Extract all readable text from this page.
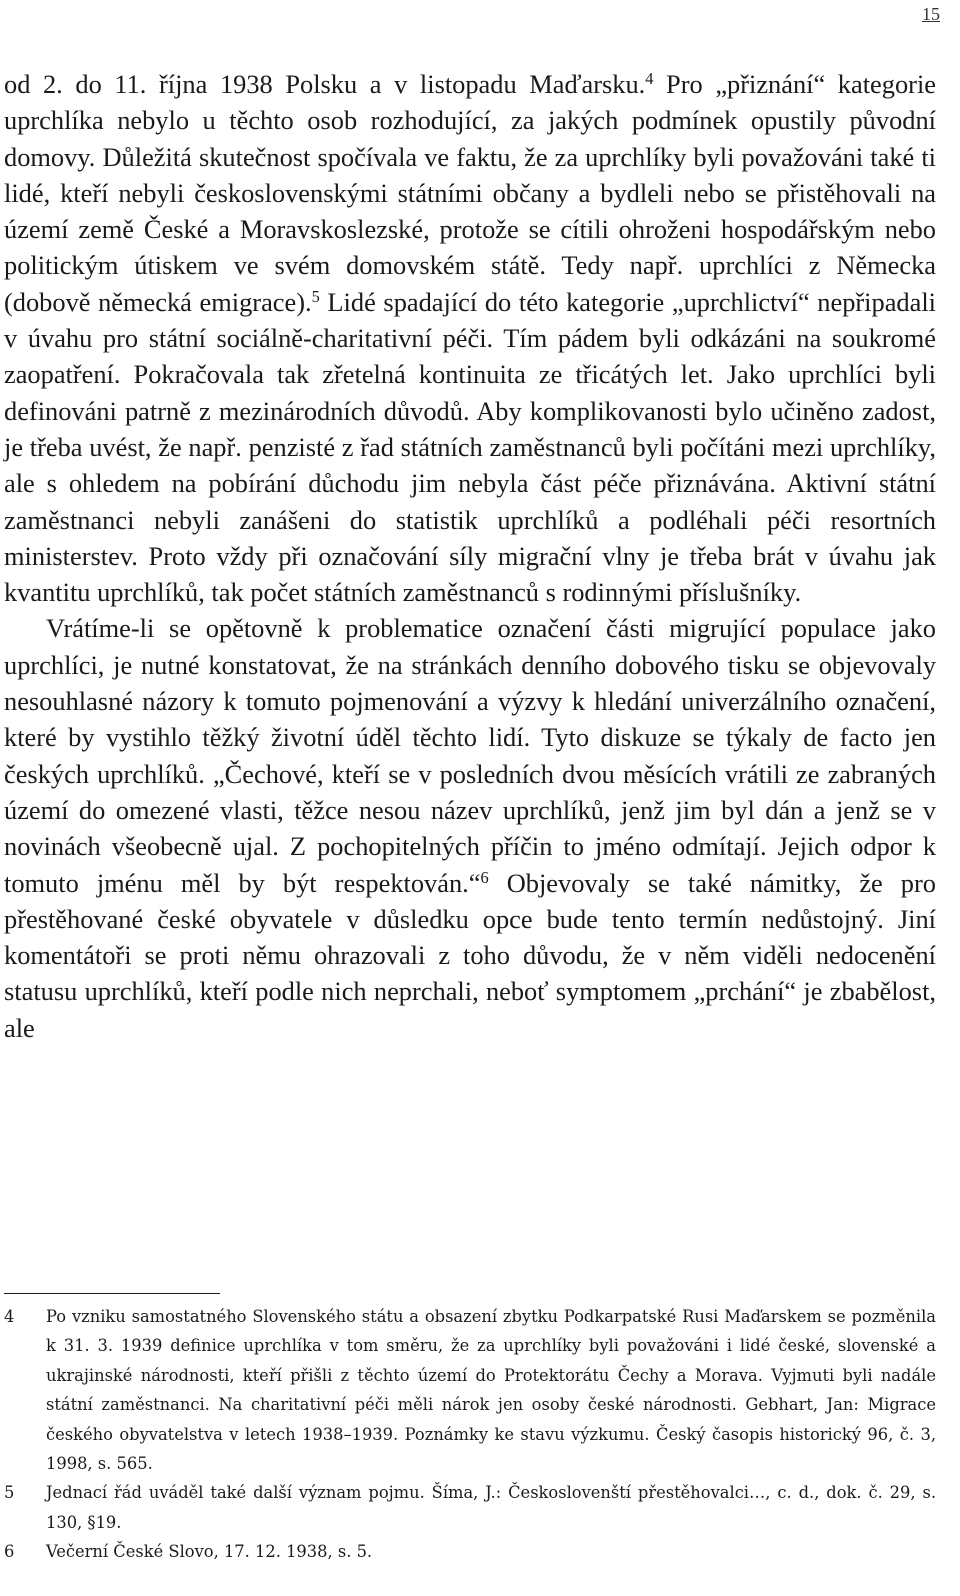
15

od 2. do 11. října 1938 Polsku a v listopadu Maďarsku.$^4$ Pro „přiznání“ kategorie uprchlíka nebylo u těchto osob rozhodující, za jakých podmínek opustily původní domovy. Důležitá skutečnost spočívala ve faktu, že za uprchlíky byli považováni také ti lidé, kteří nebyli československými státními občany a bydleli nebo se přistěhovali na území země České a Moravskoslezské, protože se cítili ohroženi hospodářským nebo politickým útiskem ve svém domovském státě. Tedy např. uprchlíci z Německa (dobově německá emigrace).$^5$ Lidé spadající do této kategorie „uprchlictví“ nepřipadali v úvahu pro státní sociálně-charitativní péči. Tím pádem byli odkázáni na soukromé zaopatření. Pokračovala tak zřetelná kontinuita ze třicátých let. Jako uprchlíci byli definováni patrně z mezinárodních důvodů. Aby komplikovanosti bylo učiněno zadost, je třeba uvést, že např. penzisté z řad státních zaměstnanců byli počítáni mezi uprchlíky, ale s ohledem na pobírání důchodu jim nebyla část péče přiznávána. Aktivní státní zaměstnanci nebyli zanášeni do statistik uprchlíků a podléhali péči resortních ministerstev. Proto vždy při označování síly migrační vlny je třeba brát v úvahu jak kvantitu uprchlíků, tak počet státních zaměstnanců s rodinnými příslušníky.

Vrátíme-li se opětovně k problematice označení části migrující populace jako uprchlíci, je nutné konstatovat, že na stránkách denního dobového tisku se objevovaly nesouhlasné názory k tomuto pojmenování a výzvy k hledání univerzálního označení, které by vystihlo těžký životní úděl těchto lidí. Tyto diskuze se týkaly de facto jen českých uprchlíků. „Čechové, kteří se v posledních dvou měsících vrátili ze zabraných území do omezené vlasti, těžce nesou název uprchlíků, jenž jim byl dán a jenž se v novinách všeobecně ujal. Z pochopitelných příčin to jméno odmítají. Jejich odpor k tomuto jménu měl by být respektován.“$^6$ Objevovaly se také námitky, že pro přestěhované české obyvatele v důsledku opce bude tento termín nedůstojný. Jiní komentátoři se proti němu ohrazovali z toho důvodu, že v něm viděli nedocenění statusu uprchlíků, kteří podle nich neprchali, neboť symptomem „prchání“ je zbabělost, ale

4	Po vzniku samostatného Slovenského státu a obsazení zbytku Podkarpatské Rusi Maďarskem se pozměnila k 31. 3. 1939 definice uprchlíka v tom směru, že za uprchlíky byli považováni i lidé české, slovenské a ukrajinské národnosti, kteří přišli z těchto území do Protektorátu Čechy a Morava. Vyjmuti byli nadále státní zaměstnanci. Na charitativní péči měli nárok jen osoby české národnosti. Gebhart, Jan: Migrace českého obyvatelstva v letech 1938–1939. Poznámky ke stavu výzkumu. Český časopis historický 96, č. 3, 1998, s. 565.
5	Jednací řád uváděl také další význam pojmu. Šíma, J.: Českoslovenští přestěhovalci…, c. d., dok. č. 29, s. 130, §19.
6	Večerní České Slovo, 17. 12. 1938, s. 5.
